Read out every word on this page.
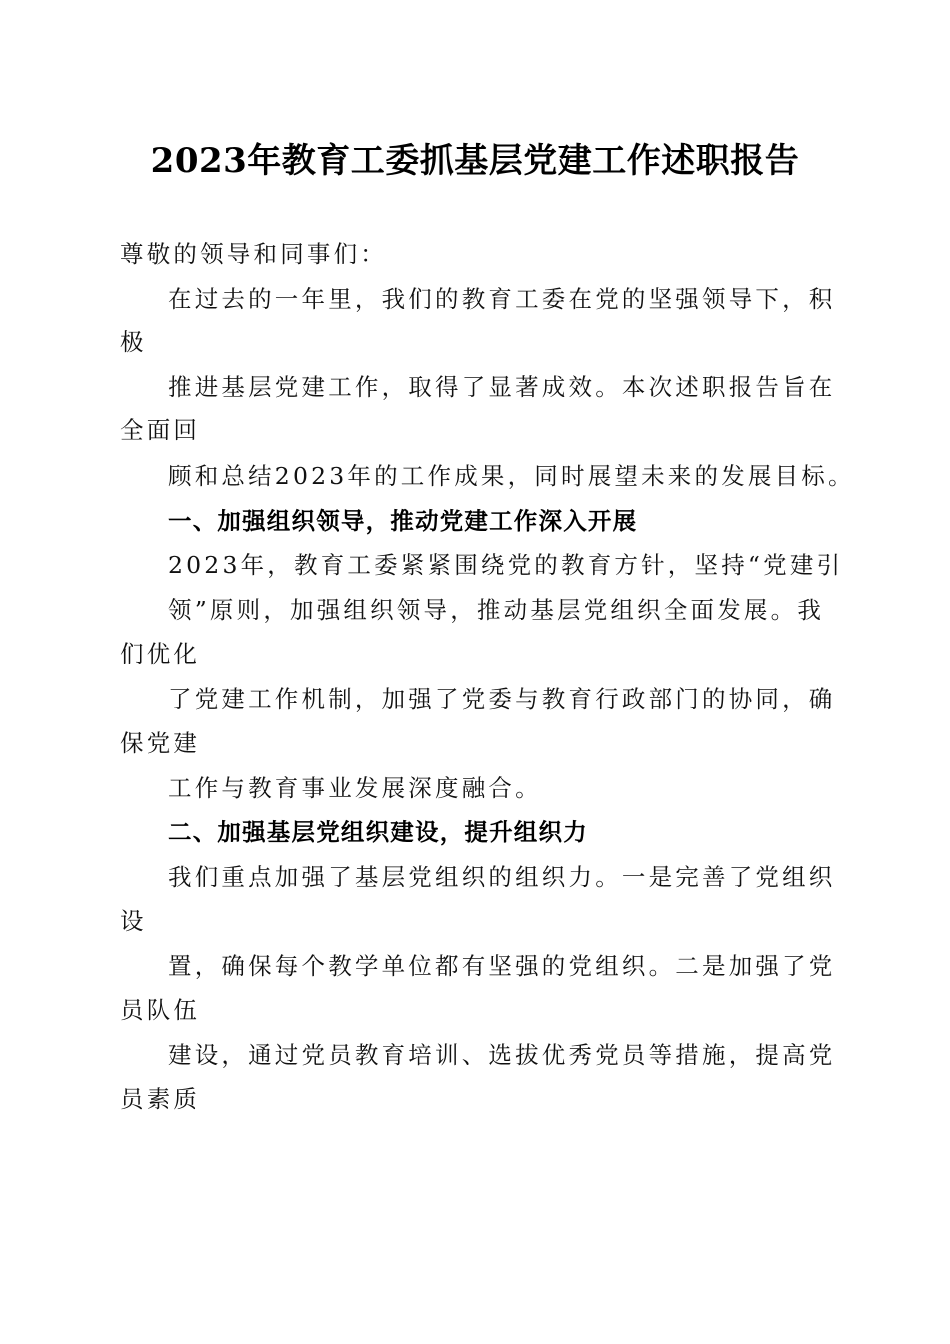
2023年教育工委抓基层党建工作述职报告
尊敬的领导和同事们：
在过去的一年里，我们的教育工委在党的坚强领导下，积
极
推进基层党建工作，取得了显著成效。本次述职报告旨在
全面回
顾和总结2023年的工作成果，同时展望未来的发展目标。
一、加强组织领导，推动党建工作深入开展
2023年，教育工委紧紧围绕党的教育方针，坚持“党建引
领”原则，加强组织领导，推动基层党组织全面发展。我
们优化
了党建工作机制，加强了党委与教育行政部门的协同，确
保党建
工作与教育事业发展深度融合。
二、加强基层党组织建设，提升组织力
我们重点加强了基层党组织的组织力。一是完善了党组织
设
置，确保每个教学单位都有坚强的党组织。二是加强了党
员队伍
建设，通过党员教育培训、选拔优秀党员等措施，提高党
员素质
